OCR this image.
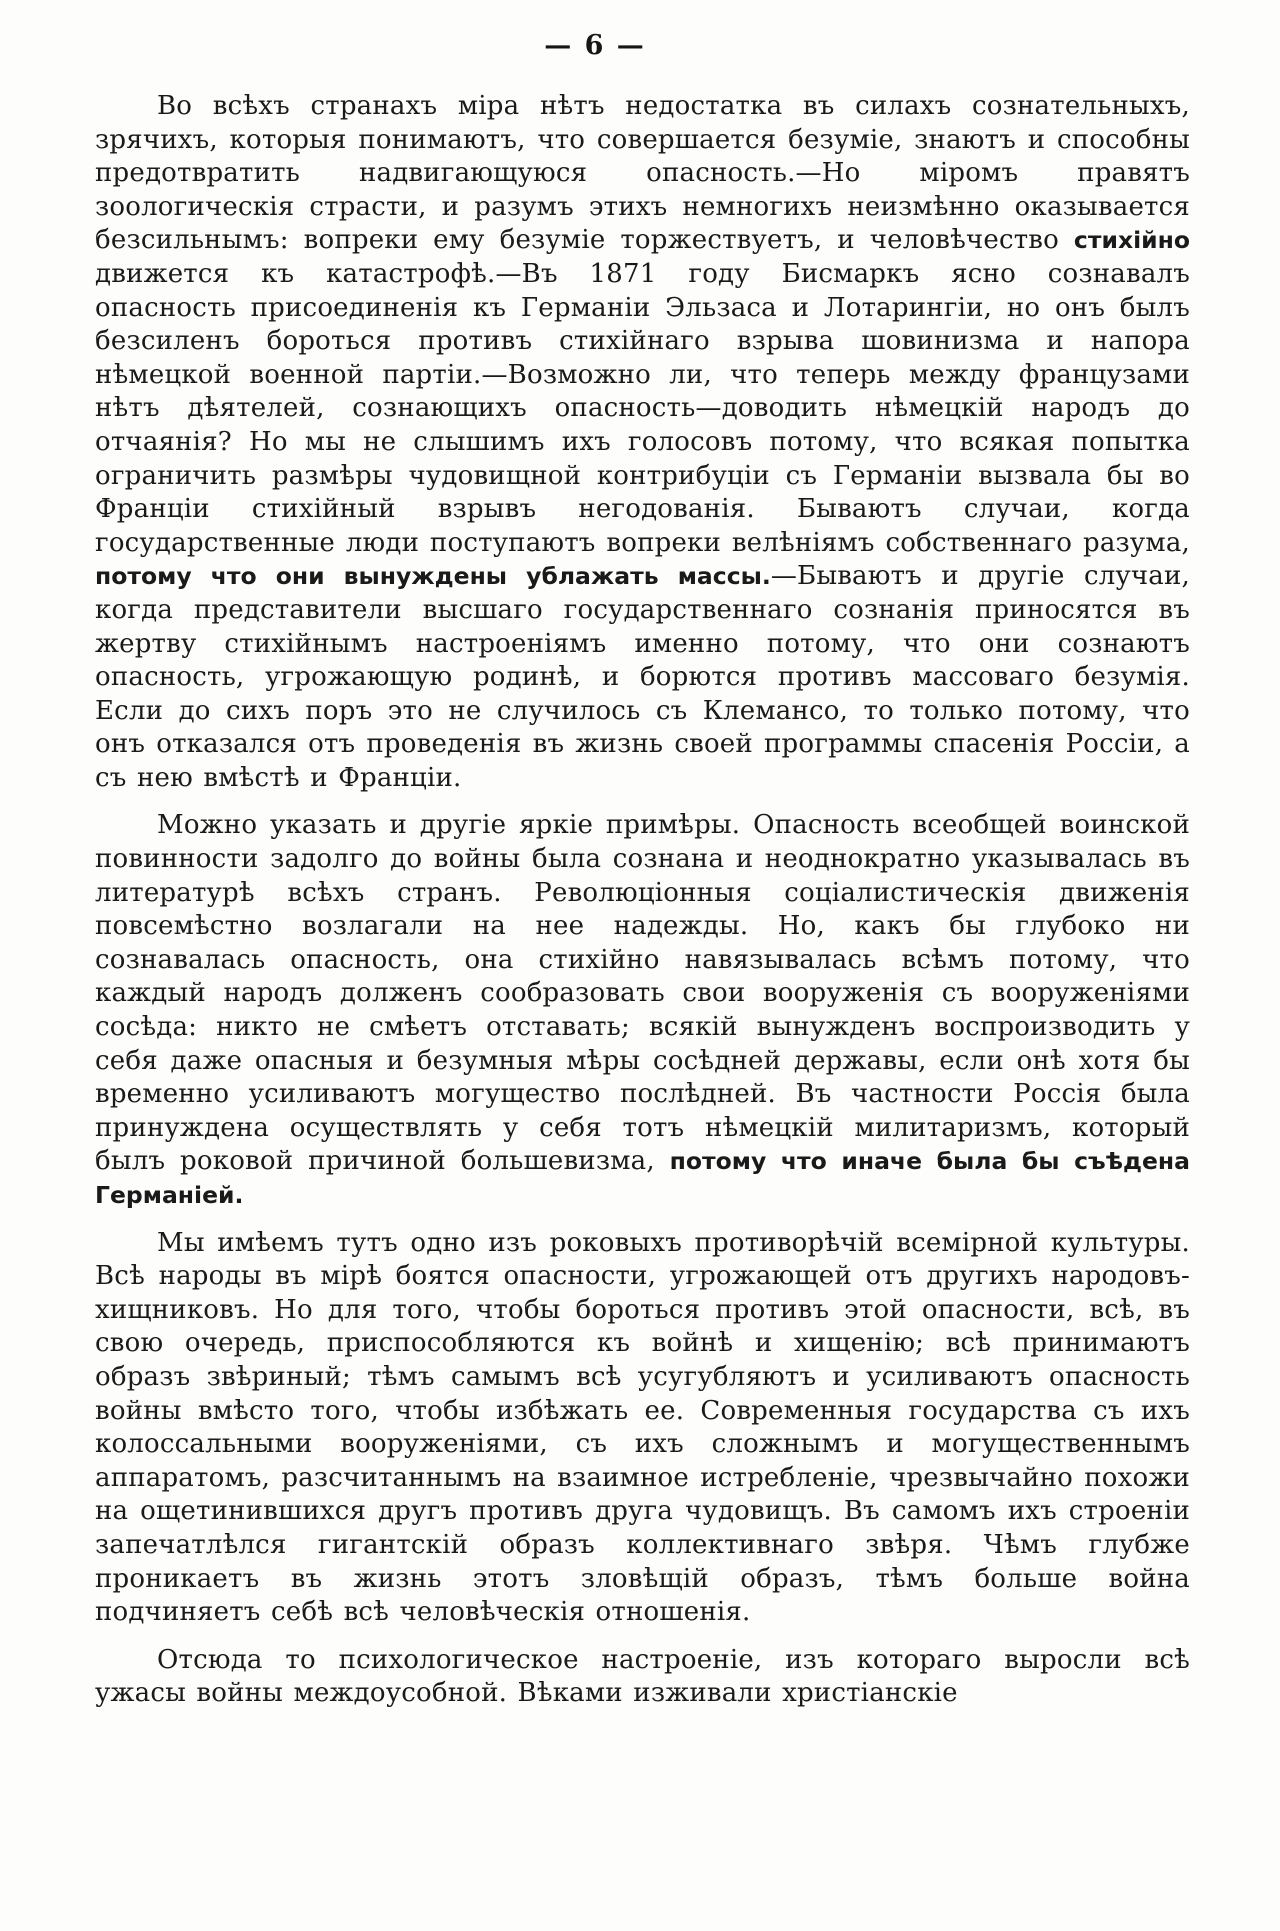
— 6 —

Во всѣхъ странахъ міра нѣтъ недостатка въ силахъ сознательныхъ, зрячихъ, которыя понимаютъ, что совершается безуміе, знаютъ и способны предотвратить надвигающуюся опасность.—Но міромъ правятъ зоологическія страсти, и разумъ этихъ немногихъ неизмѣнно оказывается безсильнымъ: вопреки ему безуміе торжествуетъ, и человѣчество стихійно движется къ катастрофѣ.—Въ 1871 году Бисмаркъ ясно сознавалъ опасность присоединенія къ Германіи Эльзаса и Лотарингіи, но онъ былъ безсиленъ бороться противъ стихійнаго взрыва шовинизма и напора нѣмецкой военной партіи.—Возможно ли, что теперь между французами нѣтъ дѣятелей, сознающихъ опасность—доводить нѣмецкій народъ до отчаянія? Но мы не слышимъ ихъ голосовъ потому, что всякая попытка ограничить размѣры чудовищной контрибуціи съ Германіи вызвала бы во Франціи стихійный взрывъ негодованія. Бываютъ случаи, когда государственные люди поступаютъ вопреки велѣніямъ собственнаго разума, потому что они вынуждены ублажать массы.—Бываютъ и другіе случаи, когда представители высшаго государственнаго сознанія приносятся въ жертву стихійнымъ настроеніямъ именно потому, что они сознаютъ опасность, угрожающую родинѣ, и борются противъ массоваго безумія. Если до сихъ поръ это не случилось съ Клемансо, то только потому, что онъ отказался отъ проведенія въ жизнь своей программы спасенія Россіи, а съ нею вмѣстѣ и Франціи.

Можно указать и другіе яркіе примѣры. Опасность всеобщей воинской повинности задолго до войны была сознана и неоднократно указывалась въ литературѣ всѣхъ странъ. Революціонныя соціалистическія движенія повсемѣстно возлагали на нее надежды. Но, какъ бы глубоко ни сознавалась опасность, она стихійно навязывалась всѣмъ потому, что каждый народъ долженъ сообразовать свои вооруженія съ вооруженіями сосѣда: никто не смѣетъ отставать; всякій вынужденъ воспроизводить у себя даже опасныя и безумныя мѣры сосѣдней державы, если онѣ хотя бы временно усиливаютъ могущество послѣдней. Въ частности Россія была принуждена осуществлять у себя тотъ нѣмецкій милитаризмъ, который былъ роковой причиной большевизма, потому что иначе была бы съѣдена Германіей.

Мы имѣемъ тутъ одно изъ роковыхъ противорѣчій всемірной культуры. Всѣ народы въ мірѣ боятся опасности, угрожающей отъ другихъ народовъ-хищниковъ. Но для того, чтобы бороться противъ этой опасности, всѣ, въ свою очередь, приспособляются къ войнѣ и хищенію; всѣ принимаютъ образъ звѣриный; тѣмъ самымъ всѣ усугубляютъ и усиливаютъ опасность войны вмѣсто того, чтобы избѣжать ее. Современныя государства съ ихъ колоссальными вооруженіями, съ ихъ сложнымъ и могущественнымъ аппаратомъ, разсчитаннымъ на взаимное истребленіе, чрезвычайно похожи на ощетинившихся другъ противъ друга чудовищъ. Въ самомъ ихъ строеніи запечатлѣлся гигантскій образъ коллективнаго звѣря. Чѣмъ глубже проникаетъ въ жизнь этотъ зловѣщій образъ, тѣмъ больше война подчиняетъ себѣ всѣ человѣческія отношенія.

Отсюда то психологическое настроеніе, изъ котораго выросли всѣ ужасы войны междоусобной. Вѣками изживали христіанскіе
